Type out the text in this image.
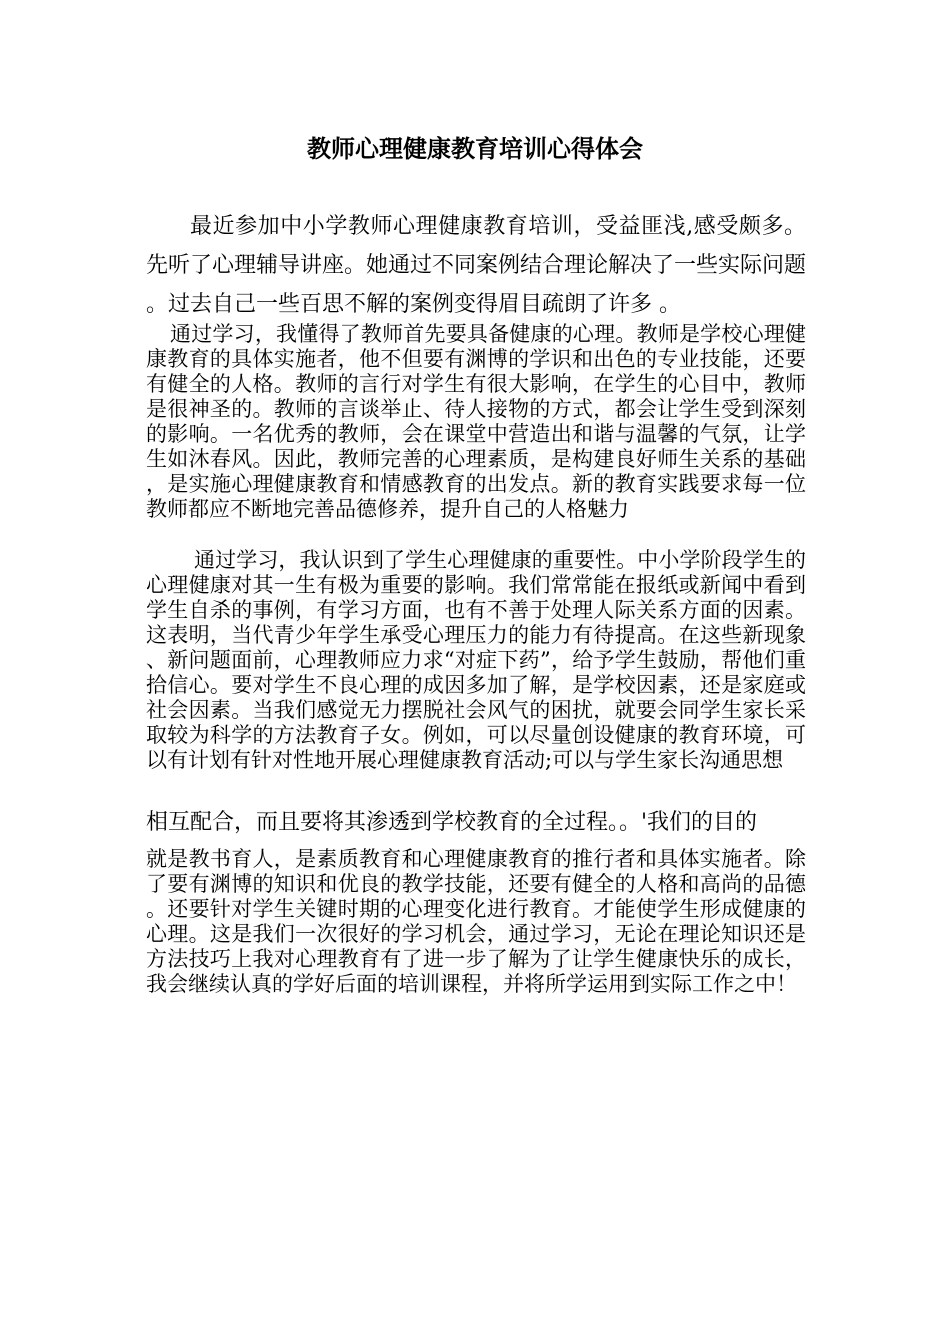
教师心理健康教育培训心得体会

最近参加中小学教师心理健康教育培训，受益匪浅,感受颇多。先听了心理辅导讲座。她通过不同案例结合理论解决了一些实际问题。过去自己一些百思不解的案例变得眉目疏朗了许多 。

通过学习，我懂得了教师首先要具备健康的心理。教师是学校心理健康教育的具体实施者，他不但要有渊博的学识和出色的专业技能，还要有健全的人格。教师的言行对学生有很大影响，在学生的心目中，教师是很神圣的。教师的言谈举止、待人接物的方式，都会让学生受到深刻的影响。一名优秀的教师，会在课堂中营造出和谐与温馨的气氛，让学生如沐春风。因此，教师完善的心理素质，是构建良好师生关系的基础，是实施心理健康教育和情感教育的出发点。新的教育实践要求每一位教师都应不断地完善品德修养，提升自己的人格魅力

通过学习，我认识到了学生心理健康的重要性。中小学阶段学生的心理健康对其一生有极为重要的影响。我们常常能在报纸或新闻中看到学生自杀的事例，有学习方面，也有不善于处理人际关系方面的因素。这表明，当代青少年学生承受心理压力的能力有待提高。在这些新现象、新问题面前，心理教师应力求“对症下药”，给予学生鼓励，帮他们重拾信心。要对学生不良心理的成因多加了解，是学校因素，还是家庭或社会因素。当我们感觉无力摆脱社会风气的困扰，就要会同学生家长采取较为科学的方法教育子女。例如，可以尽量创设健康的教育环境，可以有计划有针对性地开展心理健康教育活动;可以与学生家长沟通思想

相互配合，而且要将其渗透到学校教育的全过程。。'我们的目的

就是教书育人，是素质教育和心理健康教育的推行者和具体实施者。除了要有渊博的知识和优良的教学技能，还要有健全的人格和高尚的品德。还要针对学生关键时期的心理变化进行教育。才能使学生形成健康的心理。这是我们一次很好的学习机会，通过学习，无论在理论知识还是方法技巧上我对心理教育有了进一步了解为了让学生健康快乐的成长，我会继续认真的学好后面的培训课程，并将所学运用到实际工作之中！
